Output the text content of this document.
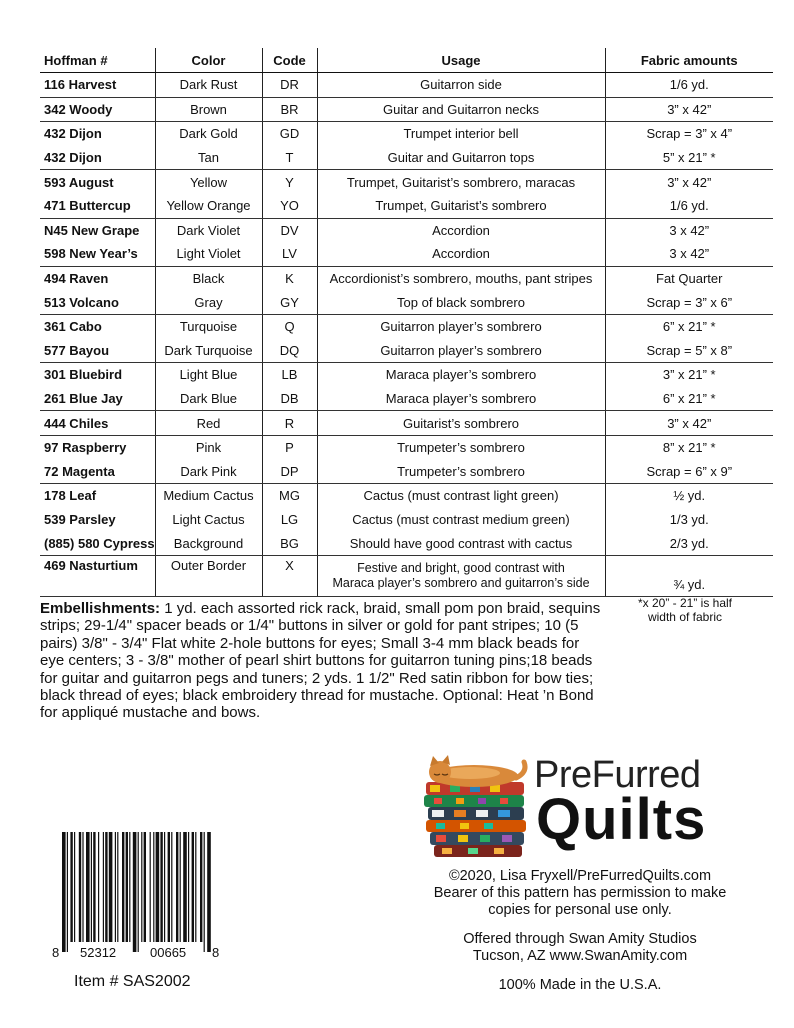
Hoffman #	Color	Code	Usage	Fabric amounts
116 Harvest	Dark Rust	DR	Guitarron side	1/6 yd.
342 Woody	Brown	BR	Guitar and Guitarron necks	3” x 42”
432 Dijon	Dark Gold	GD	Trumpet interior bell	Scrap = 3” x 4”
432 Dijon	Tan	T	Guitar and Guitarron tops	5” x 21” *
593 August	Yellow	Y	Trumpet, Guitarist’s sombrero, maracas	3” x 42”
471 Buttercup	Yellow Orange	YO	Trumpet, Guitarist’s sombrero	1/6 yd.
N45 New Grape	Dark Violet	DV	Accordion	3 x 42”
598 New Year’s	Light Violet	LV	Accordion	3 x 42”
494 Raven	Black	K	Accordionist’s sombrero, mouths, pant stripes	Fat Quarter
513 Volcano	Gray	GY	Top of black sombrero	Scrap = 3” x 6”
361 Cabo	Turquoise	Q	Guitarron player’s sombrero	6” x 21” *
577 Bayou	Dark Turquoise	DQ	Guitarron player’s sombrero	Scrap = 5” x 8”
301 Bluebird	Light Blue	LB	Maraca player’s sombrero	3” x 21” *
261 Blue Jay	Dark Blue	DB	Maraca player’s sombrero	6” x 21” *
444 Chiles	Red	R	Guitarist’s sombrero	3” x 42”
97 Raspberry	Pink	P	Trumpeter’s sombrero	8” x 21” *
72 Magenta	Dark Pink	DP	Trumpeter’s sombrero	Scrap = 6” x 9”
178 Leaf	Medium Cactus	MG	Cactus (must contrast light green)	½ yd.
539 Parsley	Light Cactus	LG	Cactus (must contrast medium green)	1/3 yd.
(885) 580 Cypress	Background	BG	Should have good contrast with cactus	2/3 yd.
469 Nasturtium	Outer Border	X	Festive and bright, good contrast with
Maraca player’s sombrero and guitarron’s side	¾ yd.

Embellishments: 1 yd. each assorted rick rack, braid, small pom pon braid, sequins strips; 29-1/4" spacer beads or 1/4" buttons in silver or gold for pant stripes; 10 (5 pairs) 3/8" - 3/4" Flat white 2-hole buttons for eyes; Small 3-4 mm black beads for eye centers; 3 - 3/8" mother of pearl shirt buttons for guitarron tuning pins;18 beads for guitar and guitarron pegs and tuners; 2 yds. 1 1/2" Red satin ribbon for bow ties; black thread of eyes; black embroidery thread for mustache. Optional: Heat ’n Bond for appliqué mustache and bows.

*x 20” - 21” is half
width of fabric

PreFurred
Quilts

©2020, Lisa Fryxell/PreFurredQuilts.com

Bearer of this pattern has permission to make

copies for personal use only.

Offered through Swan Amity Studios

Tucson, AZ www.SwanAmity.com

100% Made in the U.S.A.

8 52312	00665 8

Item # SAS2002
